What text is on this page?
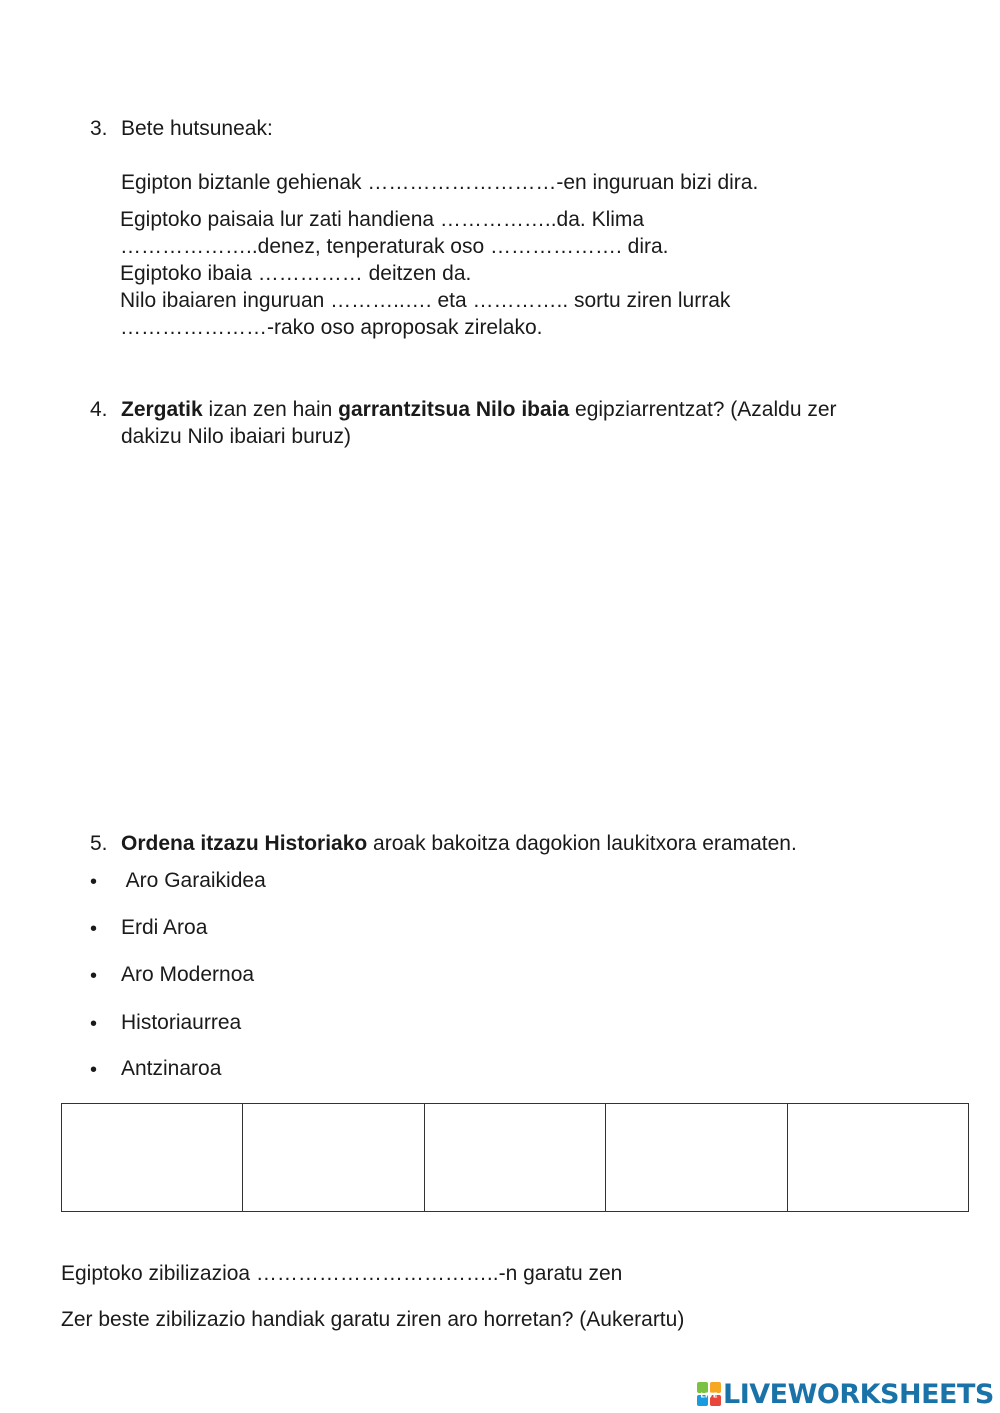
3. Bete hutsuneak:
Egipton biztanle gehienak ………………………-en inguruan bizi dira.
Egiptoko paisaia lur zati handiena ……………..da. Klima
………………..denez, tenperaturak oso ………………. dira.
Egiptoko ibaia …………… deitzen da.
Nilo ibaiaren inguruan ………..…. eta ………….. sortu ziren lurrak
…………………-rako oso aproposak zirelako.
4. Zergatik izan zen hain garrantzitsua Nilo ibaia egipziarrentzat? (Azaldu zer
dakizu Nilo ibaiari buruz)
5. Ordena itzazu Historiako aroak bakoitza dagokion laukitxora eramaten.
• Aro Garaikidea
• Erdi Aroa
• Aro Modernoa
• Historiaurrea
• Antzinaroa

Egiptoko zibilizazioa ……………………………..-n garatu zen
Zer beste zibilizazio handiak garatu ziren aro horretan? (Aukerartu)
LIVE LIVEWORKSHEETS
